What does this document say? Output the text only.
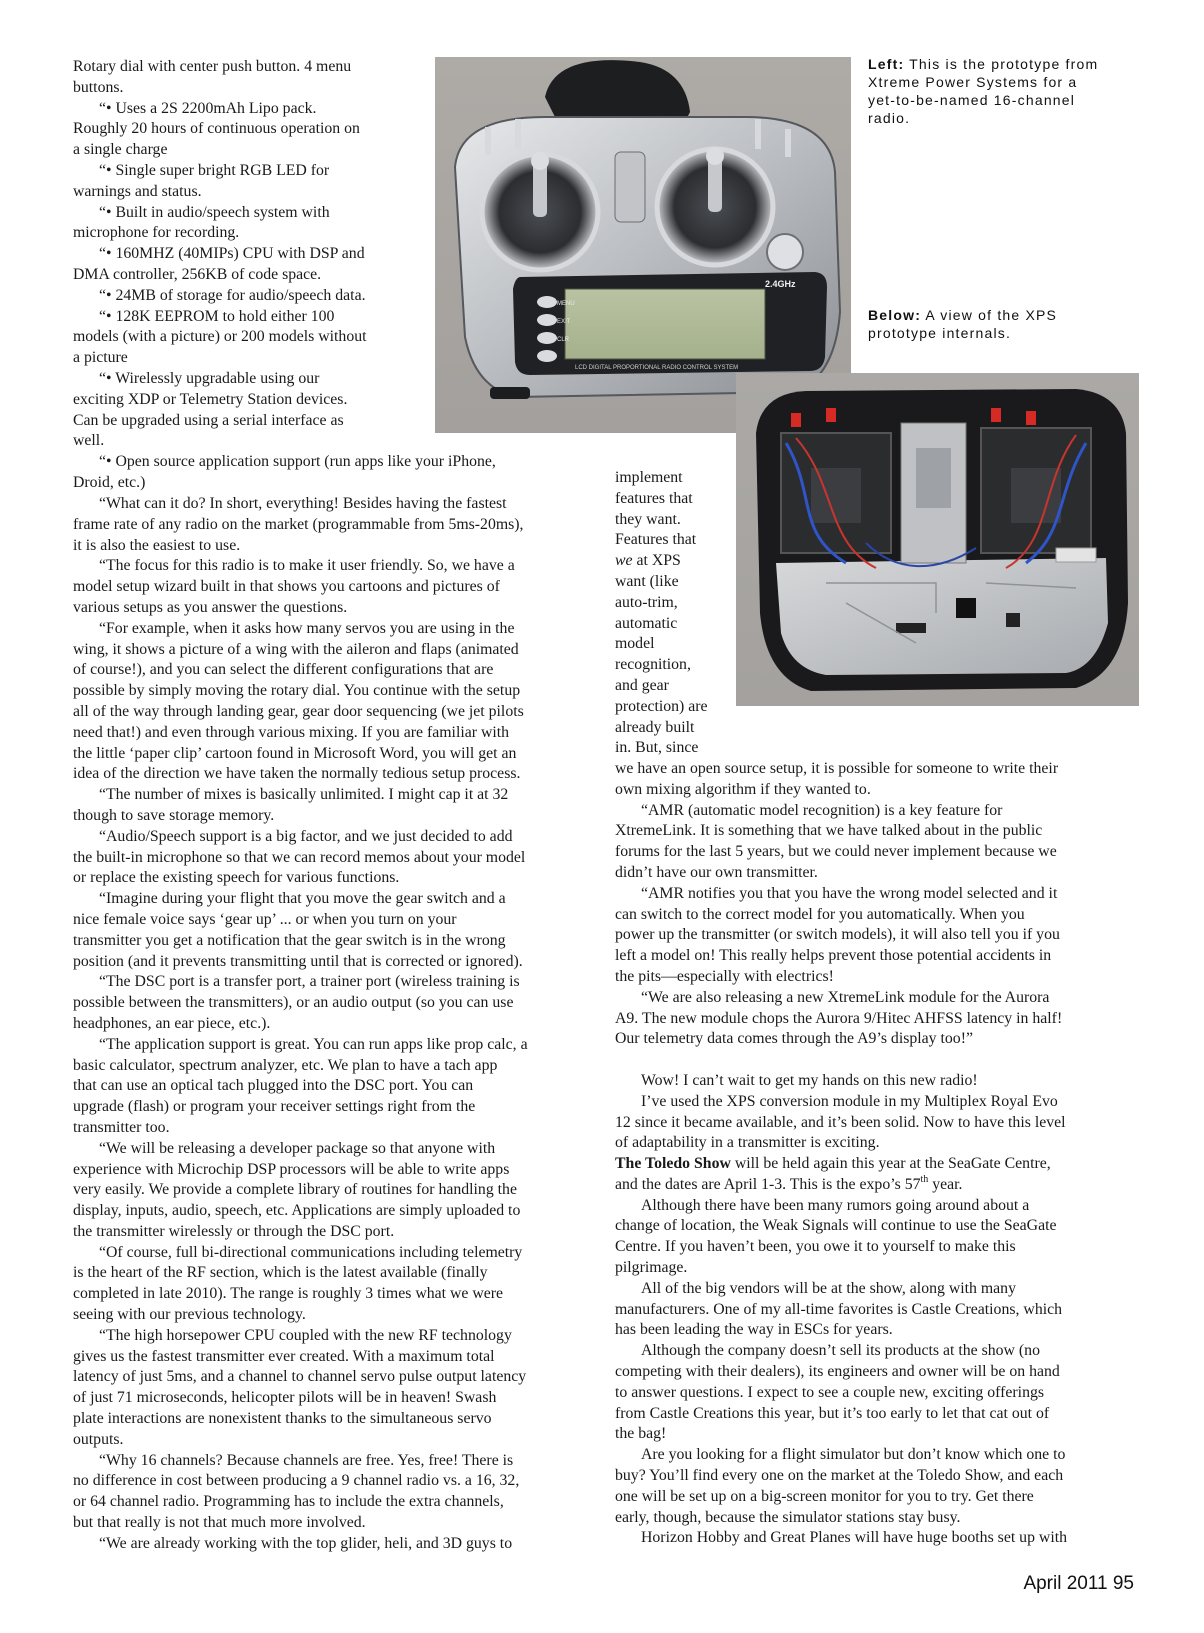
Rotary dial with center push button. 4 menu
buttons.
“• Uses a 2S 2200mAh Lipo pack.
Roughly 20 hours of continuous operation on
a single charge
“• Single super bright RGB LED for
warnings and status.
“• Built in audio/speech system with
microphone for recording.
“• 160MHZ (40MIPs) CPU with DSP and
DMA controller, 256KB of code space.
“• 24MB of storage for audio/speech data.
“• 128K EEPROM to hold either 100
models (with a picture) or 200 models without
a picture
“• Wirelessly upgradable using our
exciting XDP or Telemetry Station devices.
Can be upgraded using a serial interface as
well.
“• Open source application support (run apps like your iPhone,
Droid, etc.)
“What can it do? In short, everything! Besides having the fastest
frame rate of any radio on the market (programmable from 5ms-20ms),
it is also the easiest to use.
“The focus for this radio is to make it user friendly. So, we have a
model setup wizard built in that shows you cartoons and pictures of
various setups as you answer the questions.
“For example, when it asks how many servos you are using in the
wing, it shows a picture of a wing with the aileron and flaps (animated
of course!), and you can select the different configurations that are
possible by simply moving the rotary dial. You continue with the setup
all of the way through landing gear, gear door sequencing (we jet pilots
need that!) and even through various mixing. If you are familiar with
the little ‘paper clip’ cartoon found in Microsoft Word, you will get an
idea of the direction we have taken the normally tedious setup process.
“The number of mixes is basically unlimited. I might cap it at 32
though to save storage memory.
“Audio/Speech support is a big factor, and we just decided to add
the built-in microphone so that we can record memos about your model
or replace the existing speech for various functions.
“Imagine during your flight that you move the gear switch and a
nice female voice says ‘gear up’ ... or when you turn on your
transmitter you get a notification that the gear switch is in the wrong
position (and it prevents transmitting until that is corrected or ignored).
“The DSC port is a transfer port, a trainer port (wireless training is
possible between the transmitters), or an audio output (so you can use
headphones, an ear piece, etc.).
“The application support is great. You can run apps like prop calc, a
basic calculator, spectrum analyzer, etc. We plan to have a tach app
that can use an optical tach plugged into the DSC port. You can
upgrade (flash) or program your receiver settings right from the
transmitter too.
“We will be releasing a developer package so that anyone with
experience with Microchip DSP processors will be able to write apps
very easily. We provide a complete library of routines for handling the
display, inputs, audio, speech, etc. Applications are simply uploaded to
the transmitter wirelessly or through the DSC port.
“Of course, full bi-directional communications including telemetry
is the heart of the RF section, which is the latest available (finally
completed in late 2010). The range is roughly 3 times what we were
seeing with our previous technology.
“The high horsepower CPU coupled with the new RF technology
gives us the fastest transmitter ever created. With a maximum total
latency of just 5ms, and a channel to channel servo pulse output latency
of just 71 microseconds, helicopter pilots will be in heaven! Swash
plate interactions are nonexistent thanks to the simultaneous servo
outputs.
“Why 16 channels? Because channels are free. Yes, free! There is
no difference in cost between producing a 9 channel radio vs. a 16, 32,
or 64 channel radio. Programming has to include the extra channels,
but that really is not that much more involved.
“We are already working with the top glider, heli, and 3D guys to
implement
features that
they want.
Features that
we at XPS
want (like
auto-trim,
automatic
model
recognition,
and gear
protection) are
already built
in. But, since
we have an open source setup, it is possible for someone to write their
own mixing algorithm if they wanted to.
“AMR (automatic model recognition) is a key feature for
XtremeLink. It is something that we have talked about in the public
forums for the last 5 years, but we could never implement because we
didn’t have our own transmitter.
“AMR notifies you that you have the wrong model selected and it
can switch to the correct model for you automatically. When you
power up the transmitter (or switch models), it will also tell you if you
left a model on! This really helps prevent those potential accidents in
the pits—especially with electrics!
“We are also releasing a new XtremeLink module for the Aurora
A9. The new module chops the Aurora 9/Hitec AHFSS latency in half!
Our telemetry data comes through the A9’s display too!”
Wow! I can’t wait to get my hands on this new radio!
I’ve used the XPS conversion module in my Multiplex Royal Evo
12 since it became available, and it’s been solid. Now to have this level
of adaptability in a transmitter is exciting.
The Toledo Show will be held again this year at the SeaGate Centre,
and the dates are April 1-3. This is the expo’s 57th year.
Although there have been many rumors going around about a
change of location, the Weak Signals will continue to use the SeaGate
Centre. If you haven’t been, you owe it to yourself to make this
pilgrimage.
All of the big vendors will be at the show, along with many
manufacturers. One of my all-time favorites is Castle Creations, which
has been leading the way in ESCs for years.
Although the company doesn’t sell its products at the show (no
competing with their dealers), its engineers and owner will be on hand
to answer questions. I expect to see a couple new, exciting offerings
from Castle Creations this year, but it’s too early to let that cat out of
the bag!
Are you looking for a flight simulator but don’t know which one to
buy? You’ll find every one on the market at the Toledo Show, and each
one will be set up on a big-screen monitor for you to try. Get there
early, though, because the simulator stations stay busy.
Horizon Hobby and Great Planes will have huge booths set up with
Left: This is the prototype from
Xtreme Power Systems for a
yet-to-be-named 16-channel
radio.
Below: A view of the XPS
prototype internals.
MENU
EXIT
CLR
2.4GHz
LCD DIGITAL PROPORTIONAL RADIO CONTROL SYSTEM
April 2011 95
